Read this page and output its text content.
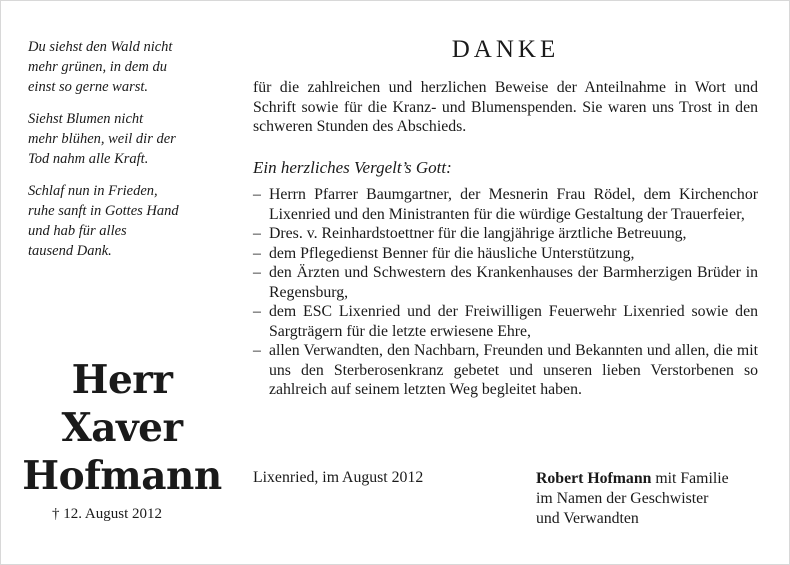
Du siehst den Wald nicht
mehr grünen, in dem du
einst so gerne warst.
Siehst Blumen nicht
mehr blühen, weil dir der
Tod nahm alle Kraft.
Schlaf nun in Frieden,
ruhe sanft in Gottes Hand
und hab für alles
tausend Dank.
Herr
Xaver
Hofmann
† 12. August 2012
DANKE
für die zahlreichen und herzlichen Beweise der Anteilnahme in Wort und Schrift sowie für die Kranz- und Blumenspenden. Sie waren uns Trost in den schweren Stunden des Abschieds.
Ein herzliches Vergelt’s Gott:
– Herrn Pfarrer Baumgartner, der Mesnerin Frau Rödel, dem Kirchenchor Lixenried und den Ministranten für die würdige Gestaltung der Trauerfeier,
– Dres. v. Reinhardstoettner für die langjährige ärztliche Betreuung,
– dem Pflegedienst Benner für die häusliche Unterstützung,
– den Ärzten und Schwestern des Krankenhauses der Barmherzigen Brüder in Regensburg,
– dem ESC Lixenried und der Freiwilligen Feuerwehr Lixenried sowie den Sargträgern für die letzte erwiesene Ehre,
– allen Verwandten, den Nachbarn, Freunden und Bekannten und allen, die mit uns den Sterberosenkranz gebetet und unseren lieben Verstorbenen so zahlreich auf seinem letzten Weg begleitet haben.
Lixenried, im August 2012	Robert Hofmann mit Familie
im Namen der Geschwister
und Verwandten
